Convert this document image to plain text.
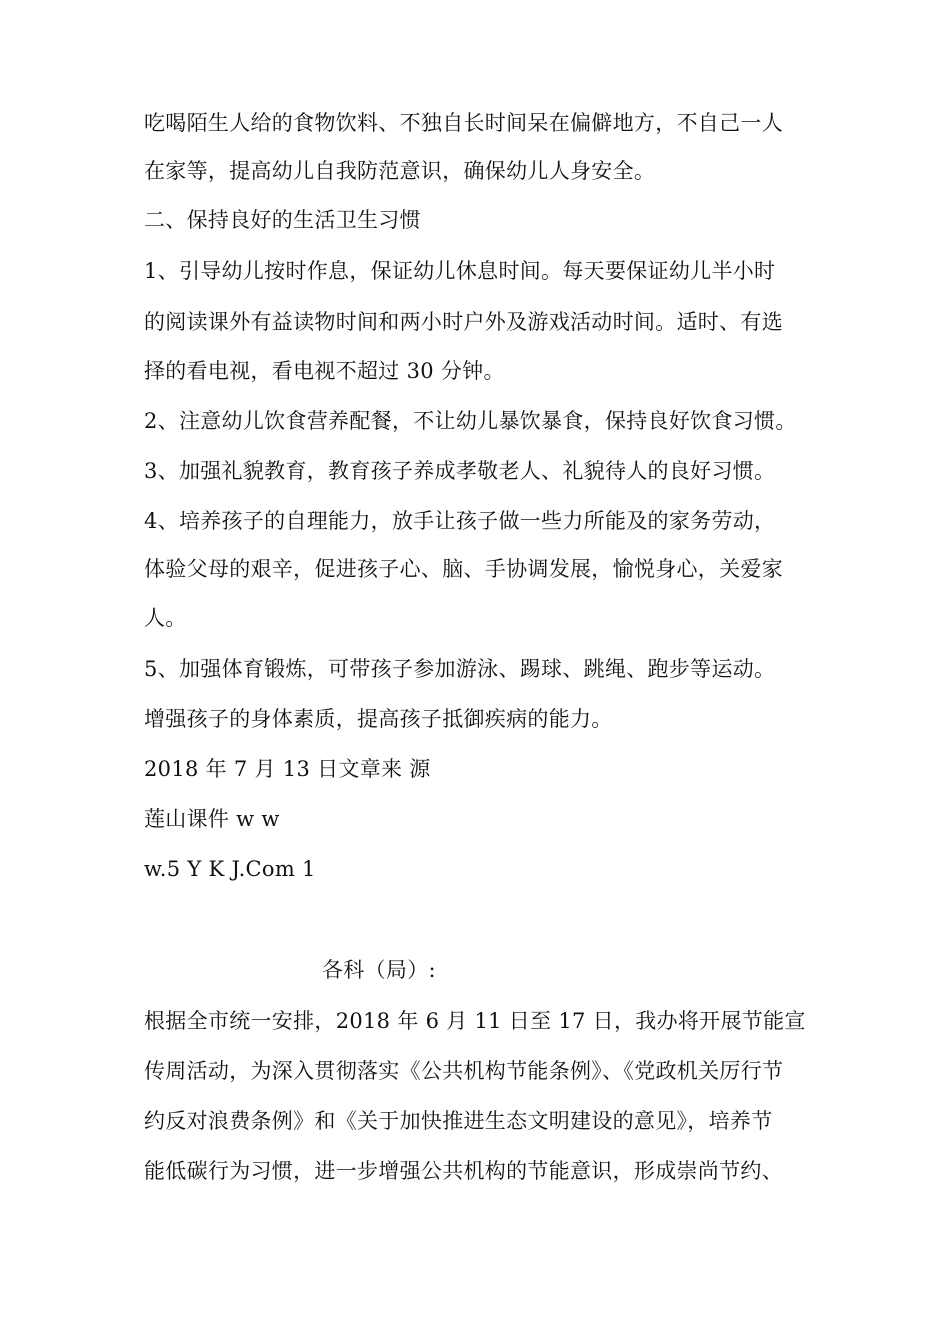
吃喝陌生人给的食物饮料、不独自长时间呆在偏僻地方，不自己一人
在家等，提高幼儿自我防范意识，确保幼儿人身安全。
二、保持良好的生活卫生习惯
1、引导幼儿按时作息，保证幼儿休息时间。每天要保证幼儿半小时
的阅读课外有益读物时间和两小时户外及游戏活动时间。适时、有选
择的看电视，看电视不超过 30 分钟。
2、注意幼儿饮食营养配餐，不让幼儿暴饮暴食，保持良好饮食习惯。
3、加强礼貌教育，教育孩子养成孝敬老人、礼貌待人的良好习惯。
4、培养孩子的自理能力，放手让孩子做一些力所能及的家务劳动，
体验父母的艰辛，促进孩子心、脑、手协调发展，愉悦身心，关爱家
人。
5、加强体育锻炼，可带孩子参加游泳、踢球、跳绳、跑步等运动。
增强孩子的身体素质，提高孩子抵御疾病的能力。
2018 年 7 月 13 日文章来 源
莲山课件 w w
w.5 Y K J.Com 1
各科（局）:
根据全市统一安排，2018 年 6 月 11 日至 17 日，我办将开展节能宣
传周活动，为深入贯彻落实《公共机构节能条例》、《党政机关厉行节
约反对浪费条例》和《关于加快推进生态文明建设的意见》，培养节
能低碳行为习惯，进一步增强公共机构的节能意识，形成崇尚节约、
